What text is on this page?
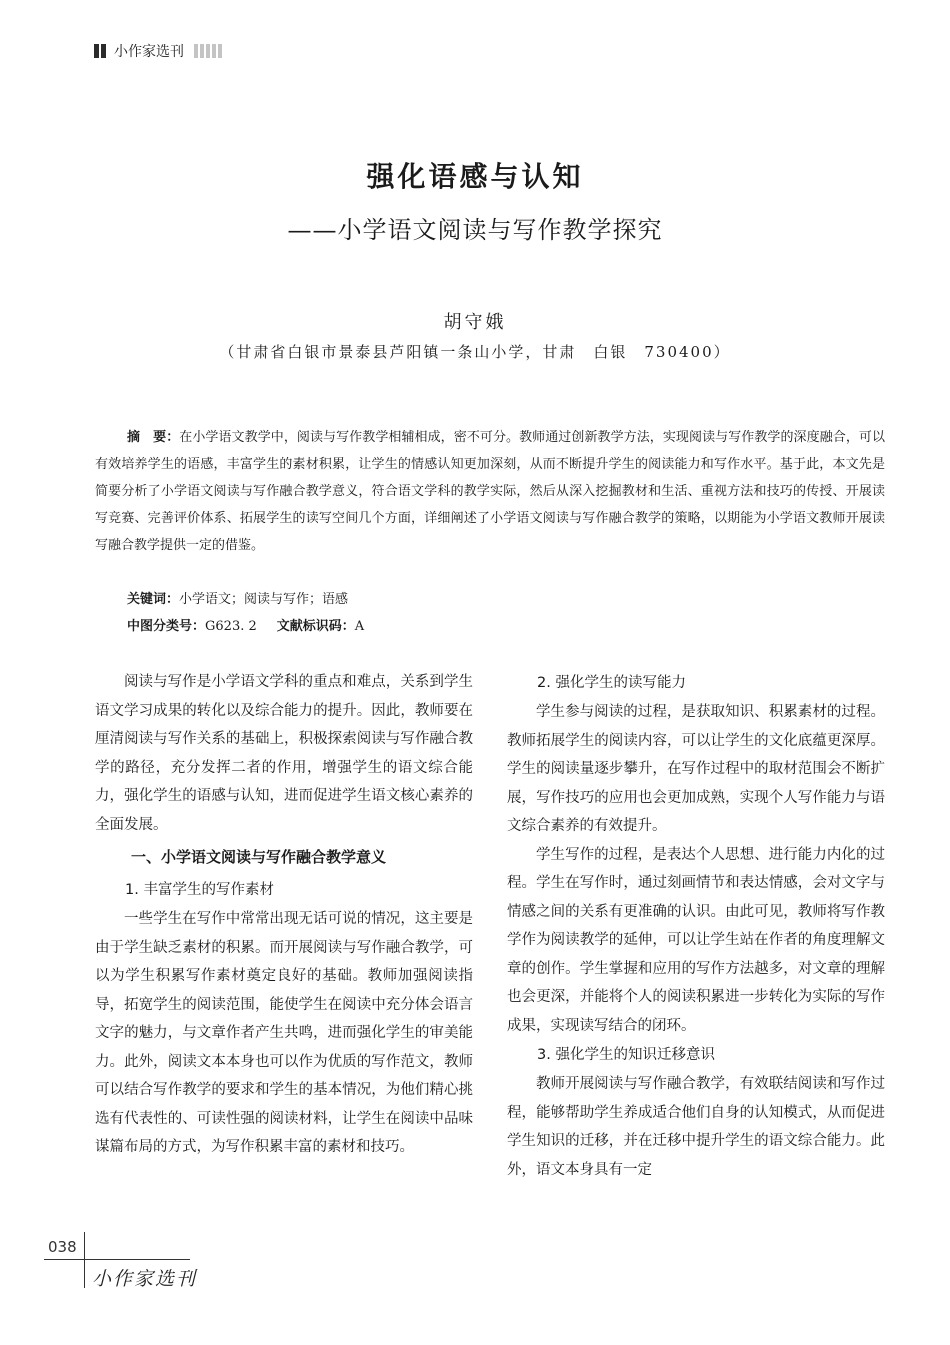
小作家选刊
强化语感与认知
——小学语文阅读与写作教学探究
胡守娥
（甘肃省白银市景泰县芦阳镇一条山小学，甘肃　白银　730400）
摘　要：在小学语文教学中，阅读与写作教学相辅相成，密不可分。教师通过创新教学方法，实现阅读与写作教学的深度融合，可以有效培养学生的语感，丰富学生的素材积累，让学生的情感认知更加深刻，从而不断提升学生的阅读能力和写作水平。基于此，本文先是简要分析了小学语文阅读与写作融合教学意义，符合语文学科的教学实际，然后从深入挖掘教材和生活、重视方法和技巧的传授、开展读写竞赛、完善评价体系、拓展学生的读写空间几个方面，详细阐述了小学语文阅读与写作融合教学的策略，以期能为小学语文教师开展读写融合教学提供一定的借鉴。
关键词：小学语文；阅读与写作；语感
中图分类号：G623. 2 文献标识码：A

阅读与写作是小学语文学科的重点和难点，关系到学生语文学习成果的转化以及综合能力的提升。因此，教师要在厘清阅读与写作关系的基础上，积极探索阅读与写作融合教学的路径，充分发挥二者的作用，增强学生的语文综合能力，强化学生的语感与认知，进而促进学生语文核心素养的全面发展。

一、小学语文阅读与写作融合教学意义
1. 丰富学生的写作素材

一些学生在写作中常常出现无话可说的情况，这主要是由于学生缺乏素材的积累。而开展阅读与写作融合教学，可以为学生积累写作素材奠定良好的基础。教师加强阅读指导，拓宽学生的阅读范围，能使学生在阅读中充分体会语言文字的魅力，与文章作者产生共鸣，进而强化学生的审美能力。此外，阅读文本本身也可以作为优质的写作范文，教师可以结合写作教学的要求和学生的基本情况，为他们精心挑选有代表性的、可读性强的阅读材料，让学生在阅读中品味谋篇布局的方式，为写作积累丰富的素材和技巧。

2. 强化学生的读写能力

学生参与阅读的过程，是获取知识、积累素材的过程。教师拓展学生的阅读内容，可以让学生的文化底蕴更深厚。学生的阅读量逐步攀升，在写作过程中的取材范围会不断扩展，写作技巧的应用也会更加成熟，实现个人写作能力与语文综合素养的有效提升。

学生写作的过程，是表达个人思想、进行能力内化的过程。学生在写作时，通过刻画情节和表达情感，会对文字与情感之间的关系有更准确的认识。由此可见，教师将写作教学作为阅读教学的延伸，可以让学生站在作者的角度理解文章的创作。学生掌握和应用的写作方法越多，对文章的理解也会更深，并能将个人的阅读积累进一步转化为实际的写作成果，实现读写结合的闭环。

3. 强化学生的知识迁移意识

教师开展阅读与写作融合教学，有效联结阅读和写作过程，能够帮助学生养成适合他们自身的认知模式，从而促进学生知识的迁移，并在迁移中提升学生的语文综合能力。此外，语文本身具有一定

038
小作家选刊
